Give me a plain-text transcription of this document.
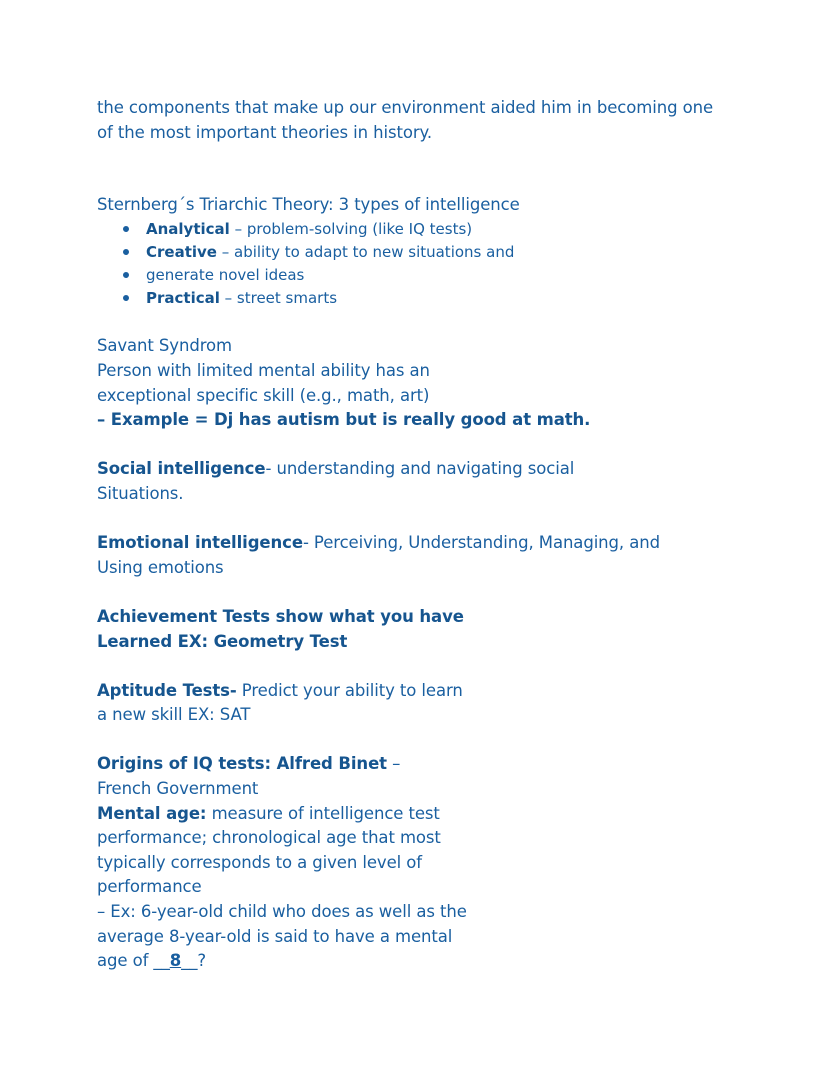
the components that make up our environment aided him in becoming one

of the most important theories in history.

Sternberg´s Triarchic Theory: 3 types of intelligence

Analytical – problem-solving (like IQ tests)
Creative – ability to adapt to new situations and
generate novel ideas
Practical – street smarts

Savant Syndrom

Person with limited mental ability has an

exceptional specific skill (e.g., math, art)

– Example = Dj has autism but is really good at math.

Social intelligence- understanding and navigating social

Situations.

Emotional intelligence- Perceiving, Understanding, Managing, and

Using emotions

Achievement Tests show what you have

Learned EX: Geometry Test

Aptitude Tests- Predict your ability to learn

a new skill EX: SAT

Origins of IQ tests: Alfred Binet –

French Government

Mental age: measure of intelligence test

performance; chronological age that most

typically corresponds to a given level of

performance

– Ex: 6-year-old child who does as well as the

average 8-year-old is said to have a mental

age of __8__?
